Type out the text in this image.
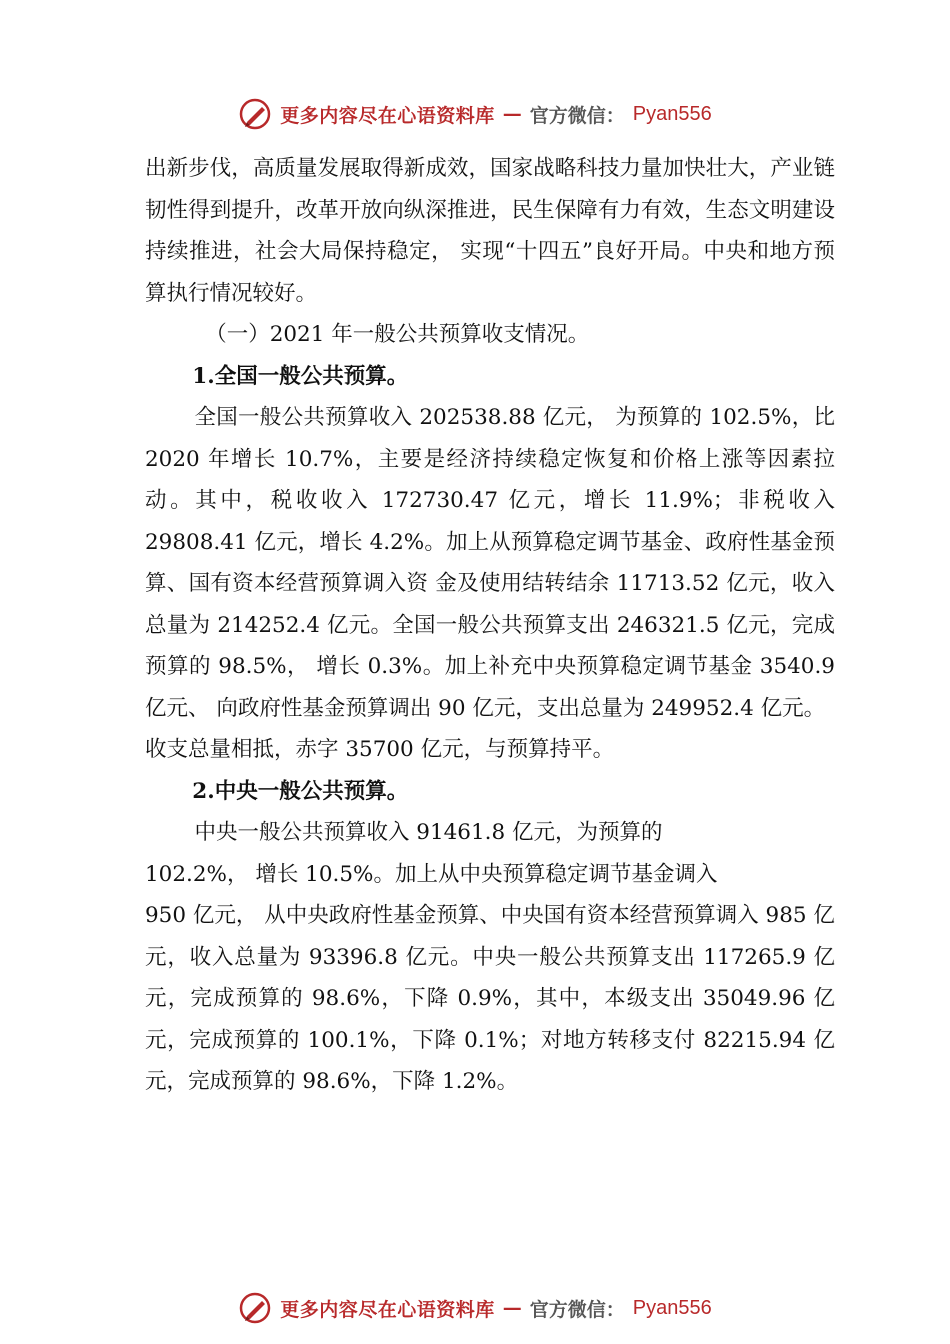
更多内容尽在心语资料库 — 官方微信： Pyan556

出新步伐，高质量发展取得新成效，国家战略科技力量加快壮大，产业链韧性得到提升，改革开放向纵深推进，民生保障有力有效，生态文明建设持续推进，社会大局保持稳定， 实现“十四五”良好开局。中央和地方预算执行情况较好。

（一）2021 年一般公共预算收支情况。

1.全国一般公共预算。

全国一般公共预算收入 202538.88 亿元， 为预算的 102.5%，比 2020 年增长 10.7%，主要是经济持续稳定恢复和价格上涨等因素拉动。其中，税收收入 172730.47 亿元，增长 11.9%；非税收入 29808.41 亿元，增长 4.2%。加上从预算稳定调节基金、政府性基金预算、国有资本经营预算调入资 金及使用结转结余 11713.52 亿元，收入总量为 214252.4 亿元。全国一般公共预算支出 246321.5 亿元，完成预算的 98.5%， 增长 0.3%。加上补充中央预算稳定调节基金 3540.9 亿元、 向政府性基金预算调出 90 亿元，支出总量为 249952.4 亿元。

收支总量相抵，赤字 35700 亿元，与预算持平。

2.中央一般公共预算。

中央一般公共预算收入 91461.8 亿元，为预算的

102.2%， 增长 10.5%。加上从中央预算稳定调节基金调入

950 亿元， 从中央政府性基金预算、中央国有资本经营预算调入 985 亿

元，收入总量为 93396.8 亿元。中央一般公共预算支出 117265.9 亿元，完成预算的 98.6%，下降 0.9%，其中，本级支出 35049.96 亿元，完成预算的 100.1%，下降 0.1%；对地方转移支付 82215.94 亿元，完成预算的 98.6%，下降 1.2%。

更多内容尽在心语资料库 — 官方微信： Pyan556
